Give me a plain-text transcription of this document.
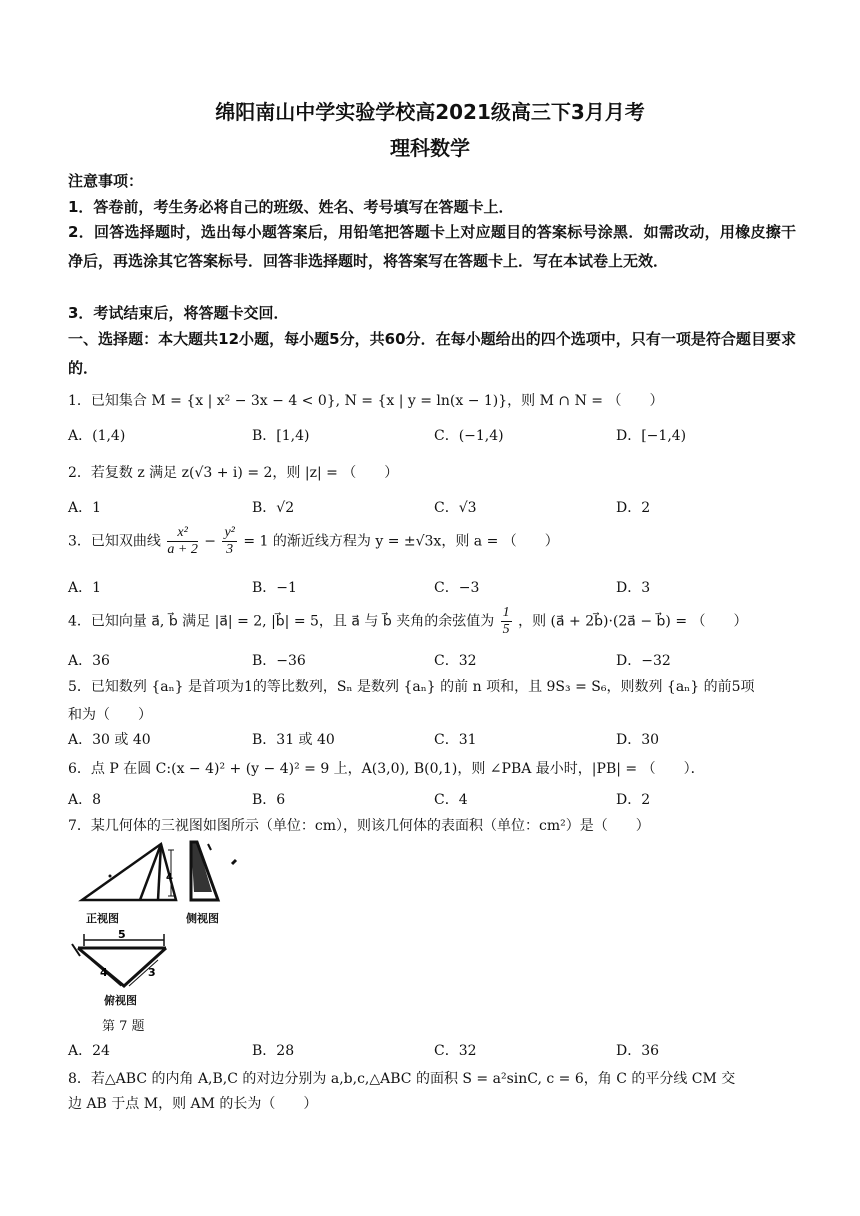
绵阳南山中学实验学校高2021级高三下3月月考
理科数学
注意事项：
1．答卷前，考生务必将自己的班级、姓名、考号填写在答题卡上．
2．回答选择题时，选出每小题答案后，用铅笔把答题卡上对应题目的答案标号涂黑．如需改动，用橡皮擦干净后，再选涂其它答案标号．回答非选择题时，将答案写在答题卡上．写在本试卷上无效．
3．考试结束后，将答题卡交回．
一、选择题：本大题共12小题，每小题5分，共60分．在每小题给出的四个选项中，只有一项是符合题目要求的．
1．已知集合 M = {x | x² − 3x − 4 < 0}, N = {x | y = ln(x − 1)}，则 M ∩ N = （　　）
A．(1,4)	B．[1,4)	C．(−1,4)	D．[−1,4)
2．若复数 z 满足 z(√3 + i) = 2，则 |z| = （　　）
A．1	B．√2	C．√3	D．2
3．已知双曲线 $\frac{\text{x²}}{a + 2} - \frac{\text{y²}}{3} = 1$ 的渐近线方程为 y = ±√3x，则 a = （　　）
A．1	B．−1	C．−3	D．3
4．已知向量 a⃗, b⃗ 满足 |a⃗| = 2, |b⃗| = 5，且 a⃗ 与 b⃗ 夹角的余弦值为 $\frac{1}{5}$ ，则 (a⃗ + 2b⃗)·(2a⃗ − b⃗) = （　　）
A．36	B．−36	C．32	D．−32
5．已知数列 {aₙ} 是首项为1的等比数列，Sₙ 是数列 {aₙ} 的前 n 项和，且 9S₃ = S₆，则数列 {aₙ} 的前5项
和为（　　）
A．30 或 40	B．31 或 40	C．31	D．30
6．点 P 在圆 C:(x − 4)² + (y − 4)² = 9 上，A(3,0), B(0,1)，则 ∠PBA 最小时，|PB| = （　　）．
A．8	B．6	C．4	D．2
7．某几何体的三视图如图所示（单位：cm），则该几何体的表面积（单位：cm²）是（　　）
4
5
4	3
正视图	侧视图
俯视图
第 7 题
A．24	B．28	C．32	D．36
8．若△ABC 的内角 A,B,C 的对边分别为 a,b,c,△ABC 的面积 S = a²sinC, c = 6，角 C 的平分线 CM 交
边 AB 于点 M，则 AM 的长为（　　）
